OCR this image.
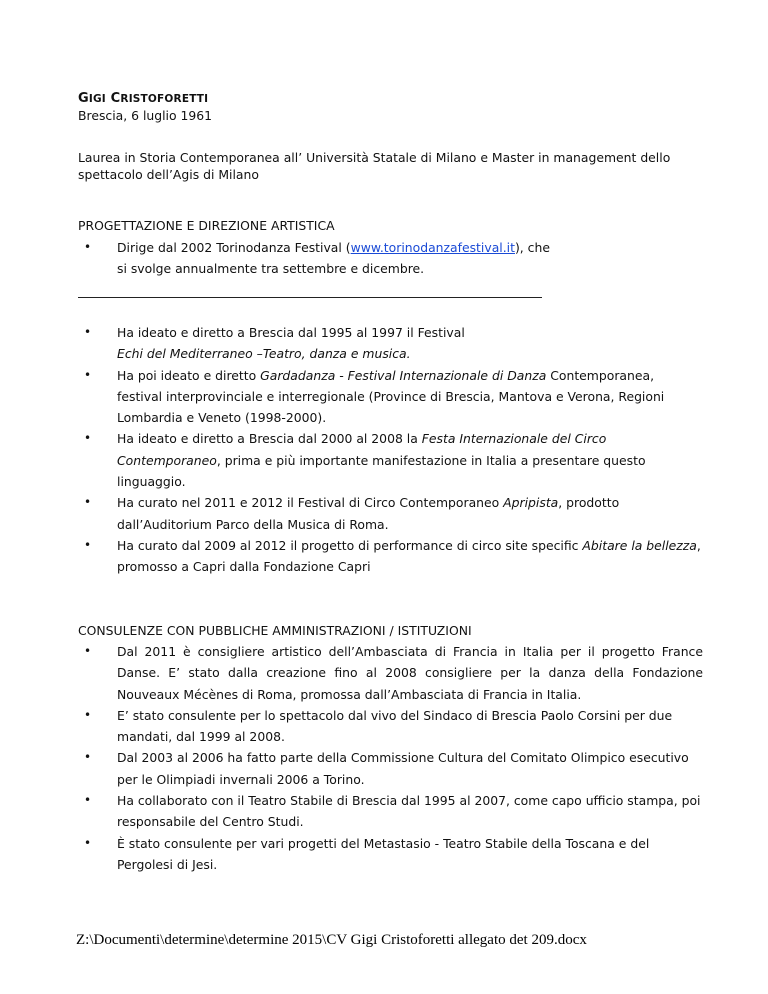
GIGI CRISTOFORETTI
Brescia, 6 luglio 1961
Laurea in Storia Contemporanea all’ Università Statale di Milano e Master in management dello spettacolo dell’Agis di Milano
PROGETTAZIONE E DIREZIONE ARTISTICA
• Dirige dal 2002 Torinodanza Festival (www.torinodanzafestival.it), che si svolge annualmente tra settembre e dicembre.
• Ha ideato e diretto a Brescia dal 1995 al 1997 il Festival
Echi del Mediterraneo –Teatro, danza e musica.
• Ha poi ideato e diretto Gardadanza - Festival Internazionale di Danza Contemporanea, festival interprovinciale e interregionale (Province di Brescia, Mantova e Verona, Regioni Lombardia e Veneto (1998-2000).
• Ha ideato e diretto a Brescia dal 2000 al 2008 la Festa Internazionale del Circo Contemporaneo, prima e più importante manifestazione in Italia a presentare questo linguaggio.
• Ha curato nel 2011 e 2012 il Festival di Circo Contemporaneo Apripista, prodotto dall’Auditorium Parco della Musica di Roma.
• Ha curato dal 2009 al 2012 il progetto di performance di circo site specific Abitare la bellezza, promosso a Capri dalla Fondazione Capri
CONSULENZE CON PUBBLICHE AMMINISTRAZIONI / ISTITUZIONI
• Dal 2011 è consigliere artistico dell’Ambasciata di Francia in Italia per il progetto France Danse. E’ stato dalla creazione fino al 2008 consigliere per la danza della Fondazione Nouveaux Mécènes di Roma, promossa dall’Ambasciata di Francia in Italia.
• E’ stato consulente per lo spettacolo dal vivo del Sindaco di Brescia Paolo Corsini per due mandati, dal 1999 al 2008.
• Dal 2003 al 2006 ha fatto parte della Commissione Cultura del Comitato Olimpico esecutivo per le Olimpiadi invernali 2006 a Torino.
• Ha collaborato con il Teatro Stabile di Brescia dal 1995 al 2007, come capo ufficio stampa, poi responsabile del Centro Studi.
• È stato consulente per vari progetti del Metastasio - Teatro Stabile della Toscana e del Pergolesi di Jesi.
Z:\Documenti\determine\determine 2015\CV Gigi Cristoforetti allegato det 209.docx
